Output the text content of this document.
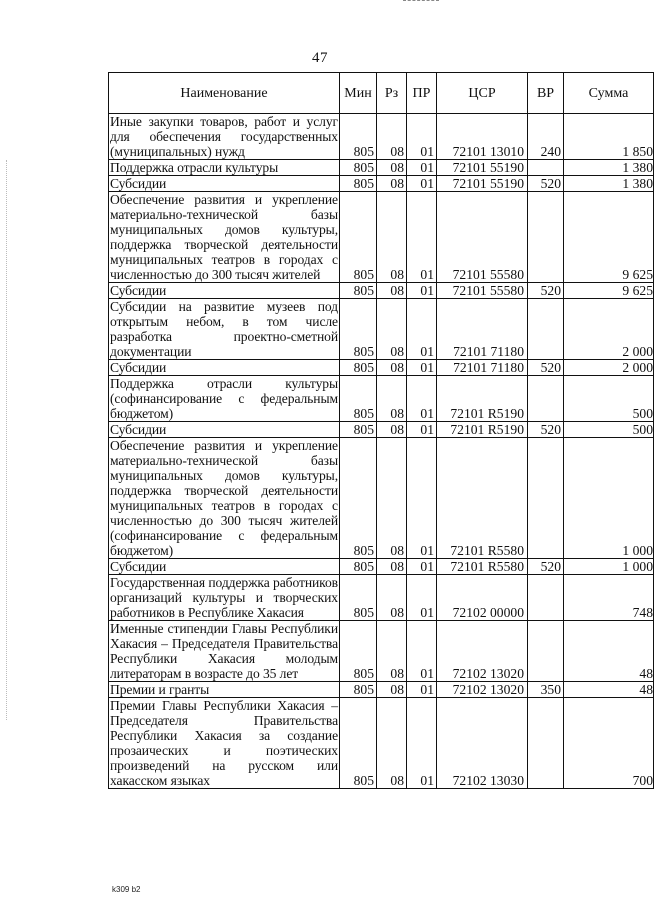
47
Наименование	Мин	Рз	ПР	ЦСР	ВР	Сумма
Иные закупки товаров, работ и услуг для обеспечения государственных (муниципальных) нужд	805	08	01	72101 13010	240	1 850
Поддержка отрасли культуры	805	08	01	72101 55190		1 380
Субсидии	805	08	01	72101 55190	520	1 380
Обеспечение развития и укрепление материально-технической базы муниципальных домов культуры, поддержка творческой деятельности муниципальных театров в городах с численностью до 300 тысяч жителей	805	08	01	72101 55580		9 625
Субсидии	805	08	01	72101 55580	520	9 625
Субсидии на развитие музеев под открытым небом, в том числе разработка проектно-сметной документации	805	08	01	72101 71180		2 000
Субсидии	805	08	01	72101 71180	520	2 000
Поддержка отрасли культуры (софинансирование с федеральным бюджетом)	805	08	01	72101 R5190		500
Субсидии	805	08	01	72101 R5190	520	500
Обеспечение развития и укрепление материально-технической базы муниципальных домов культуры, поддержка творческой деятельности муниципальных театров в городах с численностью до 300 тысяч жителей (софинансирование с федеральным бюджетом)	805	08	01	72101 R5580		1 000
Субсидии	805	08	01	72101 R5580	520	1 000
Государственная поддержка работников организаций культуры и творческих работников в Республике Хакасия	805	08	01	72102 00000		748
Именные стипендии Главы Республики Хакасия – Председателя Правительства Республики Хакасия молодым литераторам в возрасте до 35 лет	805	08	01	72102 13020		48
Премии и гранты	805	08	01	72102 13020	350	48
Премии Главы Республики Хакасия – Председателя Правительства Республики Хакасия за создание прозаических и поэтических произведений на русском или хакасском языках	805	08	01	72102 13030		700
k309 b2
